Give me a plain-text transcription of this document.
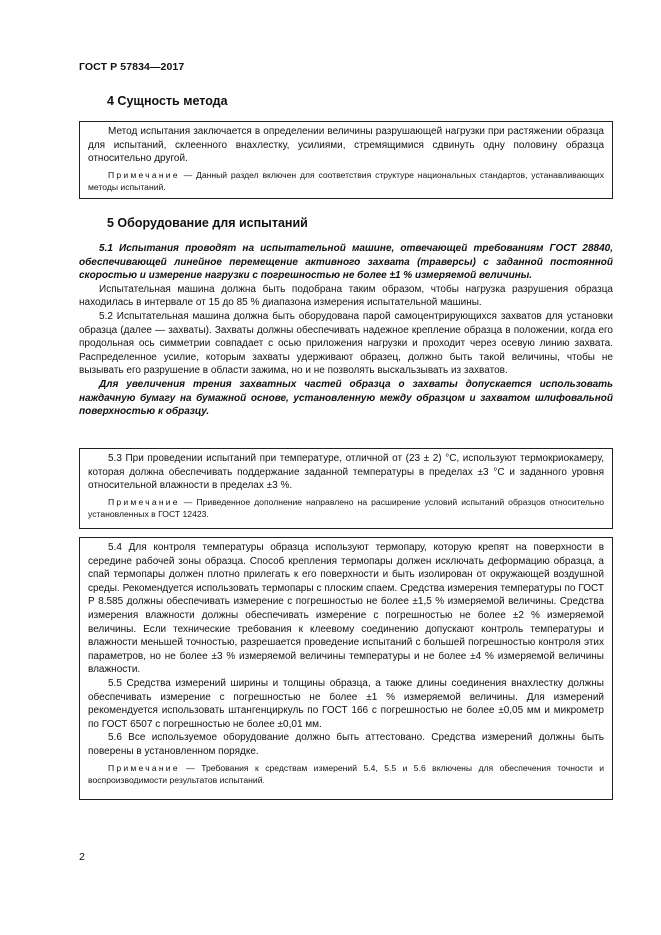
ГОСТ Р 57834—2017
4 Сущность метода

Метод испытания заключается в определении величины разрушающей нагрузки при растяжении образца для испытаний, склеенного внахлестку, усилиями, стремящимися сдвинуть одну половину образца относительно другой.

Примечание — Данный раздел включен для соответствия структуре национальных стандартов, устанавливающих методы испытаний.
5 Оборудование для испытаний

5.1 Испытания проводят на испытательной машине, отвечающей требованиям ГОСТ 28840, обеспечивающей линейное перемещение активного захвата (траверсы) с заданной постоянной скоростью и измерение нагрузки с погрешностью не более ±1 % измеряемой величины.

Испытательная машина должна быть подобрана таким образом, чтобы нагрузка разрушения образца находилась в интервале от 15 до 85 % диапазона измерения испытательной машины.

5.2 Испытательная машина должна быть оборудована парой самоцентрирующихся захватов для установки образца (далее — захваты). Захваты должны обеспечивать надежное крепление образца в положении, когда его продольная ось симметрии совпадает с осью приложения нагрузки и проходит через осевую линию захвата. Распределенное усилие, которым захваты удерживают образец, должно быть такой величины, чтобы не вызывать его разрушение в области зажима, но и не позволять выскальзывать из захватов.

Для увеличения трения захватных частей образца о захваты допускается использовать наждачную бумагу на бумажной основе, установленную между образцом и захватом шлифовальной поверхностью к образцу.

5.3 При проведении испытаний при температуре, отличной от (23 ± 2) °С, используют термокриокамеру, которая должна обеспечивать поддержание заданной температуры в пределах ±3 °С и заданного уровня относительной влажности в пределах ±3 %.

Примечание — Приведенное дополнение направлено на расширение условий испытаний образцов относительно установленных в ГОСТ 12423.

5.4 Для контроля температуры образца используют термопару, которую крепят на поверхности в середине рабочей зоны образца. Способ крепления термопары должен исключать деформацию образца, а спай термопары должен плотно прилегать к его поверхности и быть изолирован от окружающей воздушной среды. Рекомендуется использовать термопары с плоским спаем. Средства измерения температуры по ГОСТ Р 8.585 должны обеспечивать измерение с погрешностью не более ±1,5 % измеряемой величины. Средства измерения влажности должны обеспечивать измерение с погрешностью не более ±2 % измеряемой величины. Если технические требования к клеевому соединению допускают контроль температуры и влажности меньшей точностью, разрешается проведение испытаний с большей погрешностью контроля этих параметров, но не более ±3 % измеряемой величины температуры и не более ±4 % измеряемой величины влажности.

5.5 Средства измерений ширины и толщины образца, а также длины соединения внахлестку должны обеспечивать измерение с погрешностью не более ±1 % измеряемой величины. Для измерений рекомендуется использовать штангенциркуль по ГОСТ 166 с погрешностью не более ±0,05 мм и микрометр по ГОСТ 6507 с погрешностью не более ±0,01 мм.

5.6 Все используемое оборудование должно быть аттестовано. Средства измерений должны быть поверены в установленном порядке.

Примечание — Требования к средствам измерений 5.4, 5.5 и 5.6 включены для обеспечения точности и воспроизводимости результатов испытаний.
2
